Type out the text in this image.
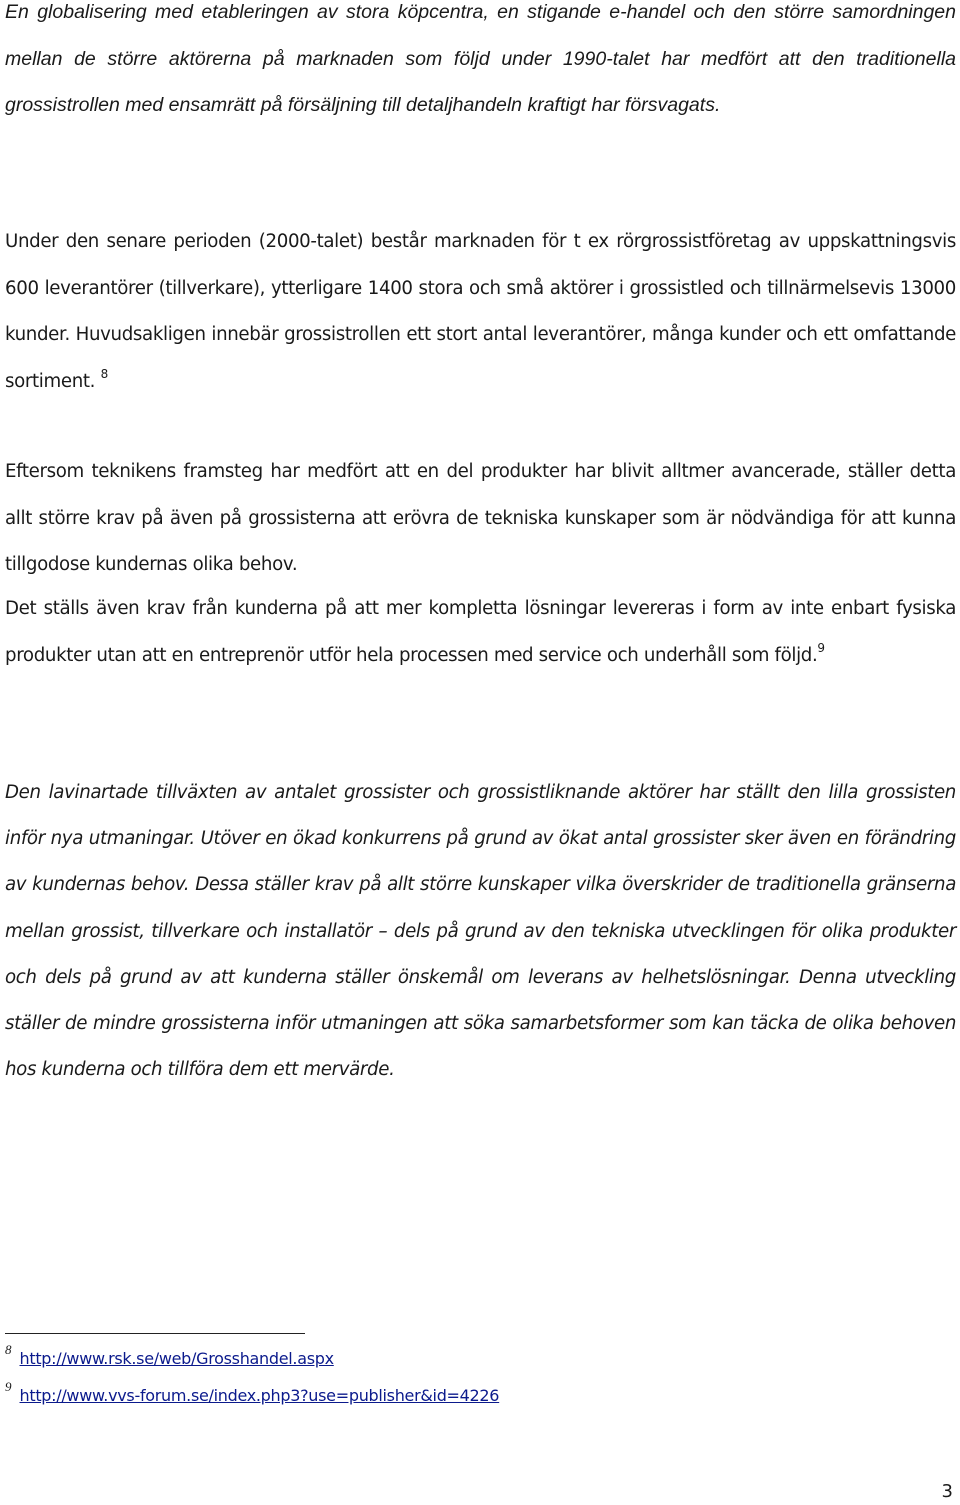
En globalisering med etableringen av stora köpcentra, en stigande e-handel och den större samordningen mellan de större aktörerna på marknaden som följd under 1990-talet har medfört att den traditionella grossistrollen med ensamrätt på försäljning till detaljhandeln kraftigt har försvagats.

Under den senare perioden (2000-talet) består marknaden för t ex rörgrossistföretag av uppskattningsvis 600 leverantörer (tillverkare), ytterligare 1400 stora och små aktörer i grossistled och tillnärmelsevis 13000 kunder. Huvudsakligen innebär grossistrollen ett stort antal leverantörer, många kunder och ett omfattande sortiment. $^8$

Eftersom teknikens framsteg har medfört att en del produkter har blivit alltmer avancerade, ställer detta allt större krav på även på grossisterna att erövra de tekniska kunskaper som är nödvändiga för att kunna tillgodose kundernas olika behov.

Det ställs även krav från kunderna på att mer kompletta lösningar levereras i form av inte enbart fysiska produkter utan att en entreprenör utför hela processen med service och underhåll som följd.$^9$

Den lavinartade tillväxten av antalet grossister och grossistliknande aktörer har ställt den lilla grossisten inför nya utmaningar. Utöver en ökad konkurrens på grund av ökat antal grossister sker även en förändring av kundernas behov. Dessa ställer krav på allt större kunskaper vilka överskrider de traditionella gränserna mellan grossist, tillverkare och installatör – dels på grund av den tekniska utvecklingen för olika produkter och dels på grund av att kunderna ställer önskemål om leverans av helhetslösningar. Denna utveckling ställer de mindre grossisterna inför utmaningen att söka samarbetsformer som kan täcka de olika behoven hos kunderna och tillföra dem ett mervärde.

$^8$ http://www.rsk.se/web/Grosshandel.aspx
$^9$ http://www.vvs-forum.se/index.php3?use=publisher&id=4226
3
